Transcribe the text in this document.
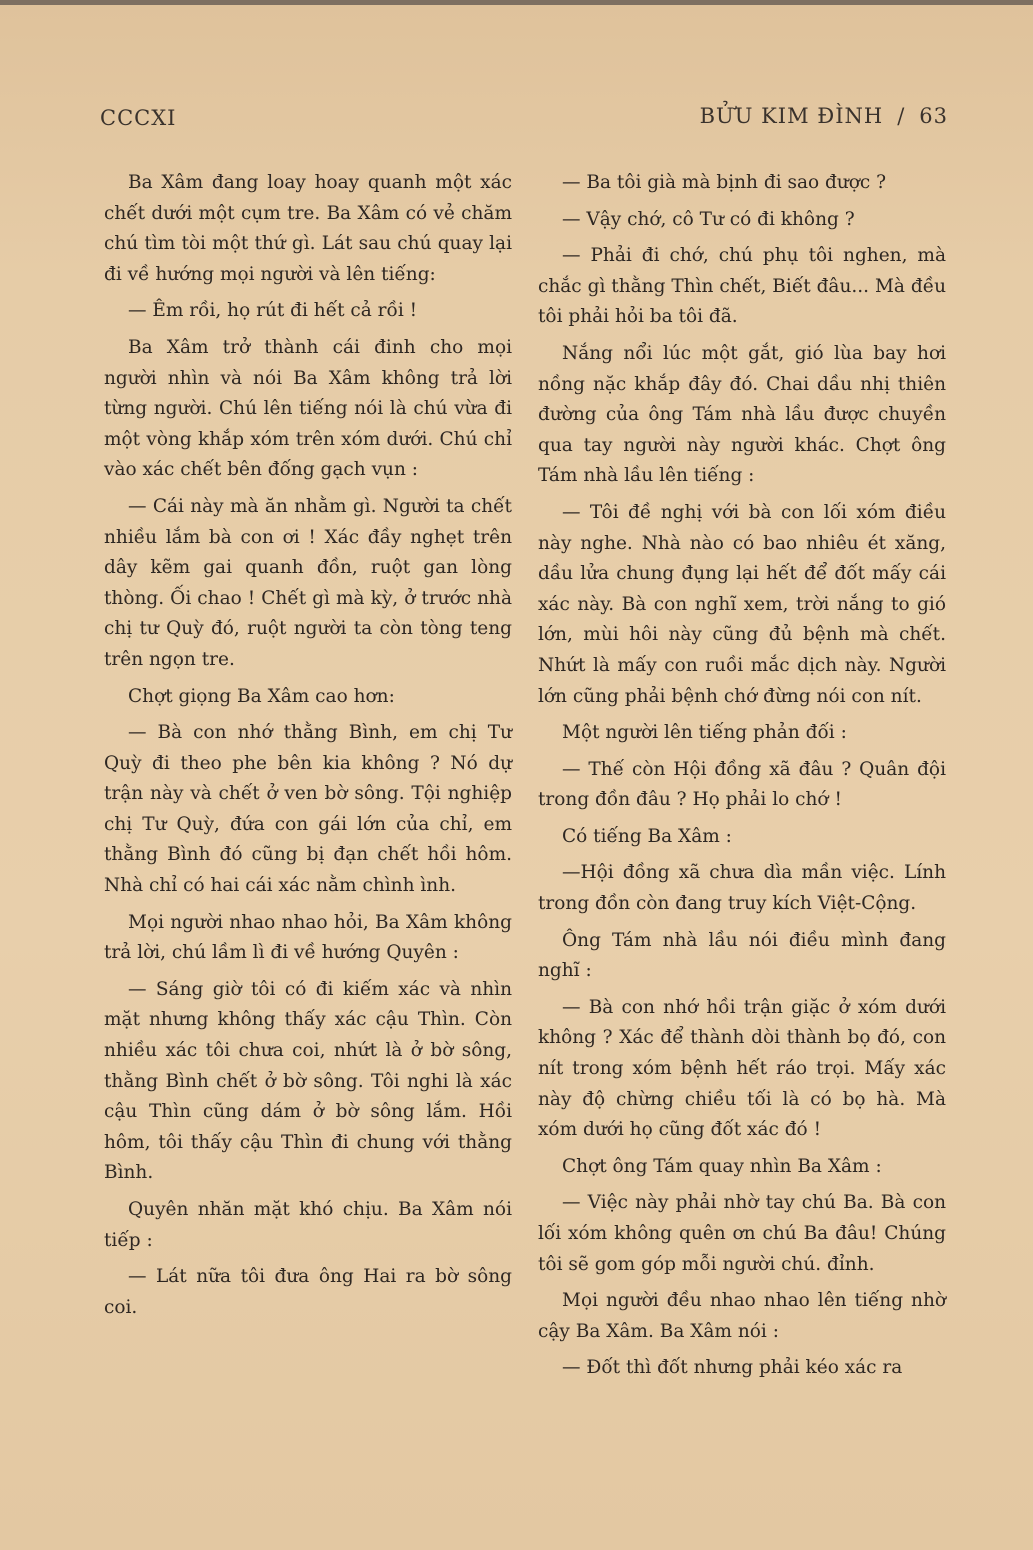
CCCXI	BỬU KIM ĐÌNH / 63

Ba Xâm đang loay hoay quanh một xác chết dưới một cụm tre. Ba Xâm có vẻ chăm chú tìm tòi một thứ gì. Lát sau chú quay lại đi về hướng mọi người và lên tiếng:

— Êm rồi, họ rút đi hết cả rồi !

Ba Xâm trở thành cái đinh cho mọi người nhìn và nói Ba Xâm không trả lời từng người. Chú lên tiếng nói là chú vừa đi một vòng khắp xóm trên xóm dưới. Chú chỉ vào xác chết bên đống gạch vụn :

— Cái này mà ăn nhằm gì. Người ta chết nhiều lắm bà con ơi ! Xác đầy nghẹt trên dây kẽm gai quanh đồn, ruột gan lòng thòng. Ối chao ! Chết gì mà kỳ, ở trước nhà chị tư Quỳ đó, ruột người ta còn tòng teng trên ngọn tre.

Chợt giọng Ba Xâm cao hơn:

— Bà con nhớ thằng Bình, em chị Tư Quỳ đi theo phe bên kia không ? Nó dự trận này và chết ở ven bờ sông. Tội nghiệp chị Tư Quỳ, đứa con gái lớn của chỉ, em thằng Bình đó cũng bị đạn chết hồi hôm. Nhà chỉ có hai cái xác nằm chình ình.

Mọi người nhao nhao hỏi, Ba Xâm không trả lời, chú lầm lì đi về hướng Quyên :

— Sáng giờ tôi có đi kiếm xác và nhìn mặt nhưng không thấy xác cậu Thìn. Còn nhiều xác tôi chưa coi, nhứt là ở bờ sông, thằng Bình chết ở bờ sông. Tôi nghi là xác cậu Thìn cũng dám ở bờ sông lắm. Hồi hôm, tôi thấy cậu Thìn đi chung với thằng Bình.

Quyên nhăn mặt khó chịu. Ba Xâm nói tiếp :

— Lát nữa tôi đưa ông Hai ra bờ sông coi.

— Ba tôi già mà bịnh đi sao được ?

— Vậy chớ, cô Tư có đi không ?

— Phải đi chớ, chú phụ tôi nghen, mà chắc gì thằng Thìn chết, Biết đâu... Mà đều tôi phải hỏi ba tôi đã.

Nắng nổi lúc một gắt, gió lùa bay hơi nồng nặc khắp đây đó. Chai dầu nhị thiên đường của ông Tám nhà lầu được chuyền qua tay người này người khác. Chợt ông Tám nhà lầu lên tiếng :

— Tôi đề nghị với bà con lối xóm điều này nghe. Nhà nào có bao nhiêu ét xăng, dầu lửa chung đụng lại hết để đốt mấy cái xác này. Bà con nghĩ xem, trời nắng to gió lớn, mùi hôi này cũng đủ bệnh mà chết. Nhứt là mấy con ruồi mắc dịch này. Người lớn cũng phải bệnh chớ đừng nói con nít.

Một người lên tiếng phản đối :

— Thế còn Hội đồng xã đâu ? Quân đội trong đồn đâu ? Họ phải lo chớ !

Có tiếng Ba Xâm :

—Hội đồng xã chưa dìa mần việc. Lính trong đồn còn đang truy kích Việt-Cộng.

Ông Tám nhà lầu nói điều mình đang nghĩ :

— Bà con nhớ hồi trận giặc ở xóm dưới không ? Xác để thành dòi thành bọ đó, con nít trong xóm bệnh hết ráo trọi. Mấy xác này độ chừng chiều tối là có bọ hà. Mà xóm dưới họ cũng đốt xác đó !

Chợt ông Tám quay nhìn Ba Xâm :

— Việc này phải nhờ tay chú Ba. Bà con lối xóm không quên ơn chú Ba đâu! Chúng tôi sẽ gom góp mỗi người chú. đỉnh.

Mọi người đều nhao nhao lên tiếng nhờ cậy Ba Xâm. Ba Xâm nói :

— Đốt thì đốt nhưng phải kéo xác ra
